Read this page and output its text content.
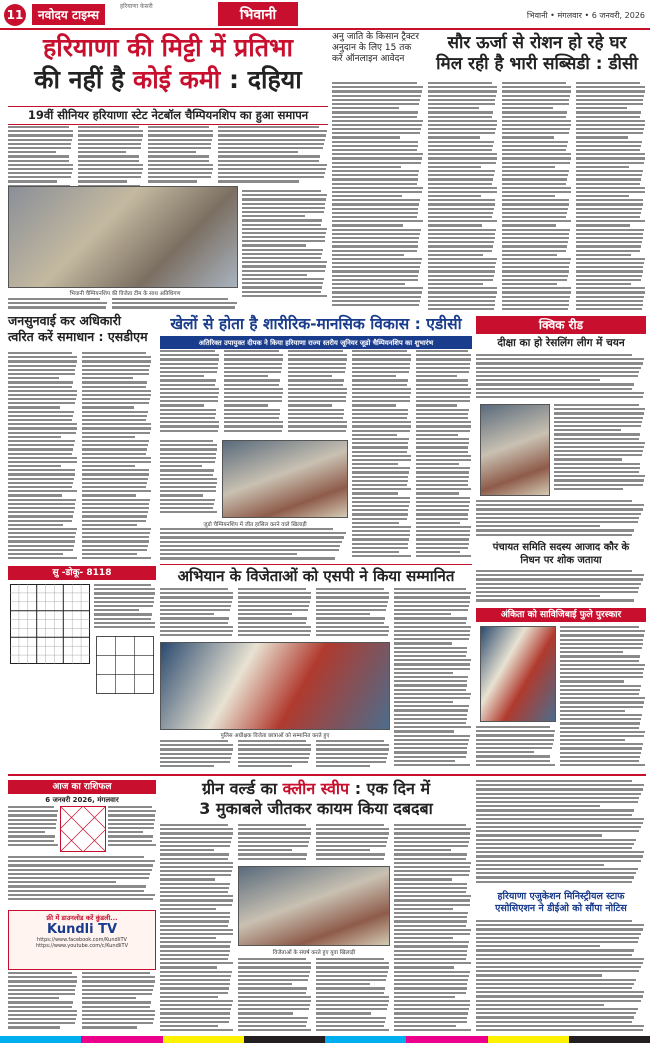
11	नवोदय टाइम्स
हरियाणा केसरी	भिवानी	भिवानी • मंगलवार • 6 जनवरी, 2026
हरियाणा की मिट्टी में प्रतिभा
की नहीं है कोई कमी : दहिया
19वीं सीनियर हरियाणा स्टेट नेटबॉल चैम्पियनशिप का हुआ समापन
भिवानी चैम्पियनशिप की विजेता टीम के साथ अतिथिगण
अनु जाति के किसान ट्रैक्टर अनुदान के लिए 15 तक करें ऑनलाइन आवेदन
सौर ऊर्जा से रोशन हो रहे घर
मिल रही है भारी सब्सिडी : डीसी
जनसुनवाई कर अधिकारी
त्वरित करें समाधान : एसडीएम
खेलों से होता है शारीरिक-मानसिक विकास : एडीसी
अतिरिक्त उपायुक्त दीपक ने किया हरियाणा राज्य स्तरीय जूनियर जूडो चैम्पियनशिप का शुभारंभ
जूडो चैम्पियनशिप में जीत हासिल करने वाले खिलाड़ी
क्विक रीड
दीक्षा का हो रेसलिंग लीग में चयन
पंचायत समिति सदस्य आजाद कौर के
निधन पर शोक जताया
अभियान के विजेताओं को एसपी ने किया सम्मानित
पुलिस अधीक्षक विजेता छात्राओं को सम्मानित करते हुए
अंकिता को साविजिबाई फुले पुरस्कार
सु -डोकू- 8118
आज का राशिफल
6 जनवरी 2026, मंगलवार
फ्री में डाउनलोड करें कुंडली...
Kundli TV
https://www.facebook.com/KundliTV
https://www.youtube.com/c/KundliTV
ग्रीन वर्ल्ड का क्लीन स्वीप : एक दिन में
3 मुकाबले जीतकर कायम किया दबदबा
विजेताओं के संघर्ष करते हुए युवा खिलाड़ी
हरियाणा एजुकेशन मिनिस्ट्रीयल स्टाफ
एसोसिएशन ने डीईओ को सौंपा नोटिस
